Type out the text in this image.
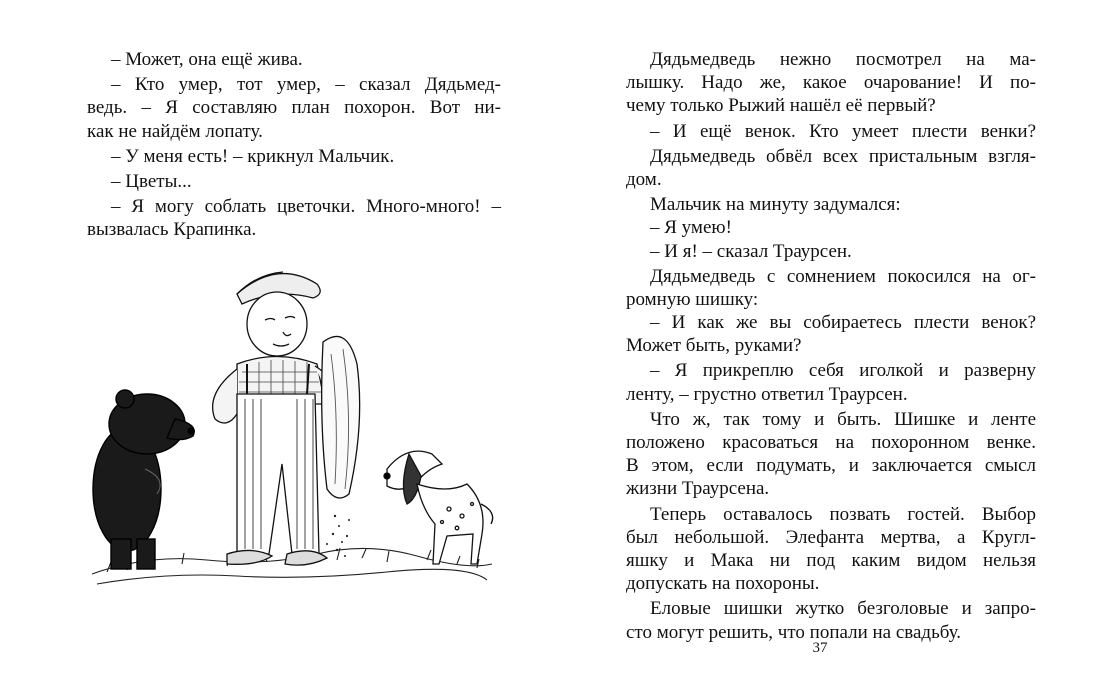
– Может, она ещё жива.
– Кто умер, тот умер, – сказал Дядьмед-
ведь. – Я составляю план похорон. Вот ни-
как не найдём лопату.
– У меня есть! – крикнул Мальчик.
– Цветы...
– Я могу соблать цветочки. Много-много! –
вызвалась Крапинка.
Дядьмедведь нежно посмотрел на ма-
лышку. Надо же, какое очарование! И по-
чему только Рыжий нашёл её первый?
– И ещё венок. Кто умеет плести венки?
Дядьмедведь обвёл всех пристальным взгля-
дом.
Мальчик на минуту задумался:
– Я умею!
– И я! – сказал Траурсен.
Дядьмедведь с сомнением покосился на ог-
ромную шишку:
– И как же вы собираетесь плести венок?
Может быть, руками?
– Я прикреплю себя иголкой и разверну
ленту, – грустно ответил Траурсен.
Что ж, так тому и быть. Шишке и ленте
положено красоваться на похоронном венке.
В этом, если подумать, и заключается смысл
жизни Траурсена.
Теперь оставалось позвать гостей. Выбор
был небольшой. Элефанта мертва, а Кругл-
яшку и Мака ни под каким видом нельзя
допускать на похороны.
Еловые шишки жутко безголовые и запро-
сто могут решить, что попали на свадьбу.
37
